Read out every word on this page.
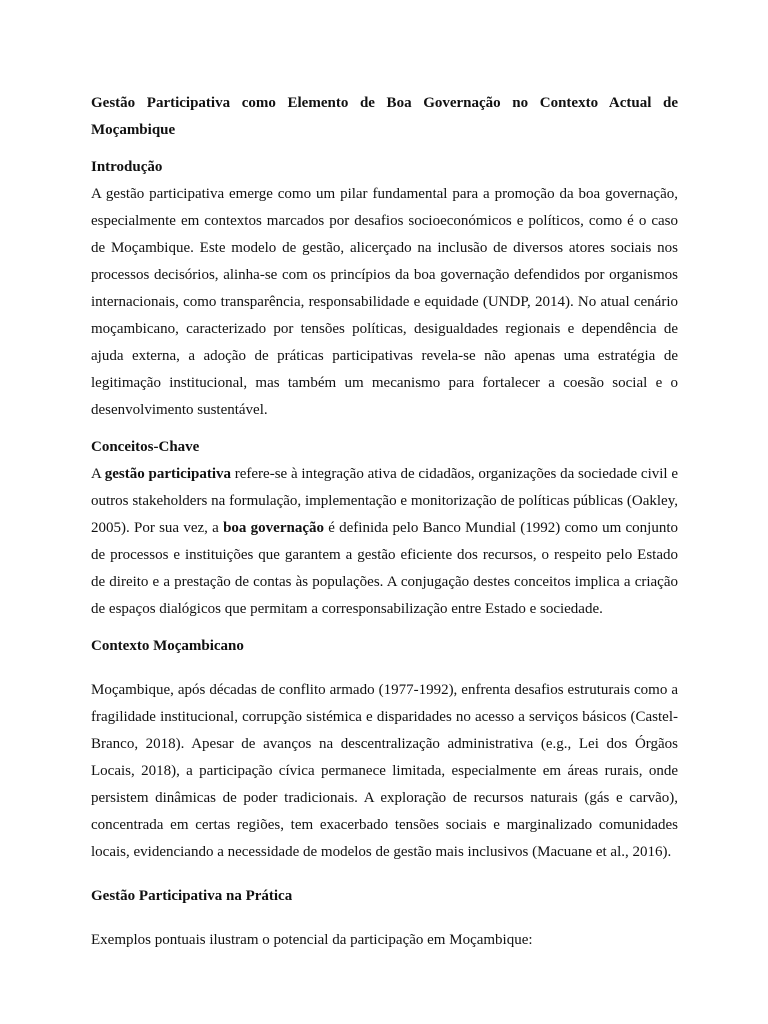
Gestão Participativa como Elemento de Boa Governação no Contexto Actual de Moçambique

Introdução

A gestão participativa emerge como um pilar fundamental para a promoção da boa governação, especialmente em contextos marcados por desafios socioeconómicos e políticos, como é o caso de Moçambique. Este modelo de gestão, alicerçado na inclusão de diversos atores sociais nos processos decisórios, alinha-se com os princípios da boa governação defendidos por organismos internacionais, como transparência, responsabilidade e equidade (UNDP, 2014). No atual cenário moçambicano, caracterizado por tensões políticas, desigualdades regionais e dependência de ajuda externa, a adoção de práticas participativas revela-se não apenas uma estratégia de legitimação institucional, mas também um mecanismo para fortalecer a coesão social e o desenvolvimento sustentável.

Conceitos-Chave

A gestão participativa refere-se à integração ativa de cidadãos, organizações da sociedade civil e outros stakeholders na formulação, implementação e monitorização de políticas públicas (Oakley, 2005). Por sua vez, a boa governação é definida pelo Banco Mundial (1992) como um conjunto de processos e instituições que garantem a gestão eficiente dos recursos, o respeito pelo Estado de direito e a prestação de contas às populações. A conjugação destes conceitos implica a criação de espaços dialógicos que permitam a corresponsabilização entre Estado e sociedade.

Contexto Moçambicano

Moçambique, após décadas de conflito armado (1977-1992), enfrenta desafios estruturais como a fragilidade institucional, corrupção sistémica e disparidades no acesso a serviços básicos (Castel-Branco, 2018). Apesar de avanços na descentralização administrativa (e.g., Lei dos Órgãos Locais, 2018), a participação cívica permanece limitada, especialmente em áreas rurais, onde persistem dinâmicas de poder tradicionais. A exploração de recursos naturais (gás e carvão), concentrada em certas regiões, tem exacerbado tensões sociais e marginalizado comunidades locais, evidenciando a necessidade de modelos de gestão mais inclusivos (Macuane et al., 2016).

Gestão Participativa na Prática

Exemplos pontuais ilustram o potencial da participação em Moçambique:
